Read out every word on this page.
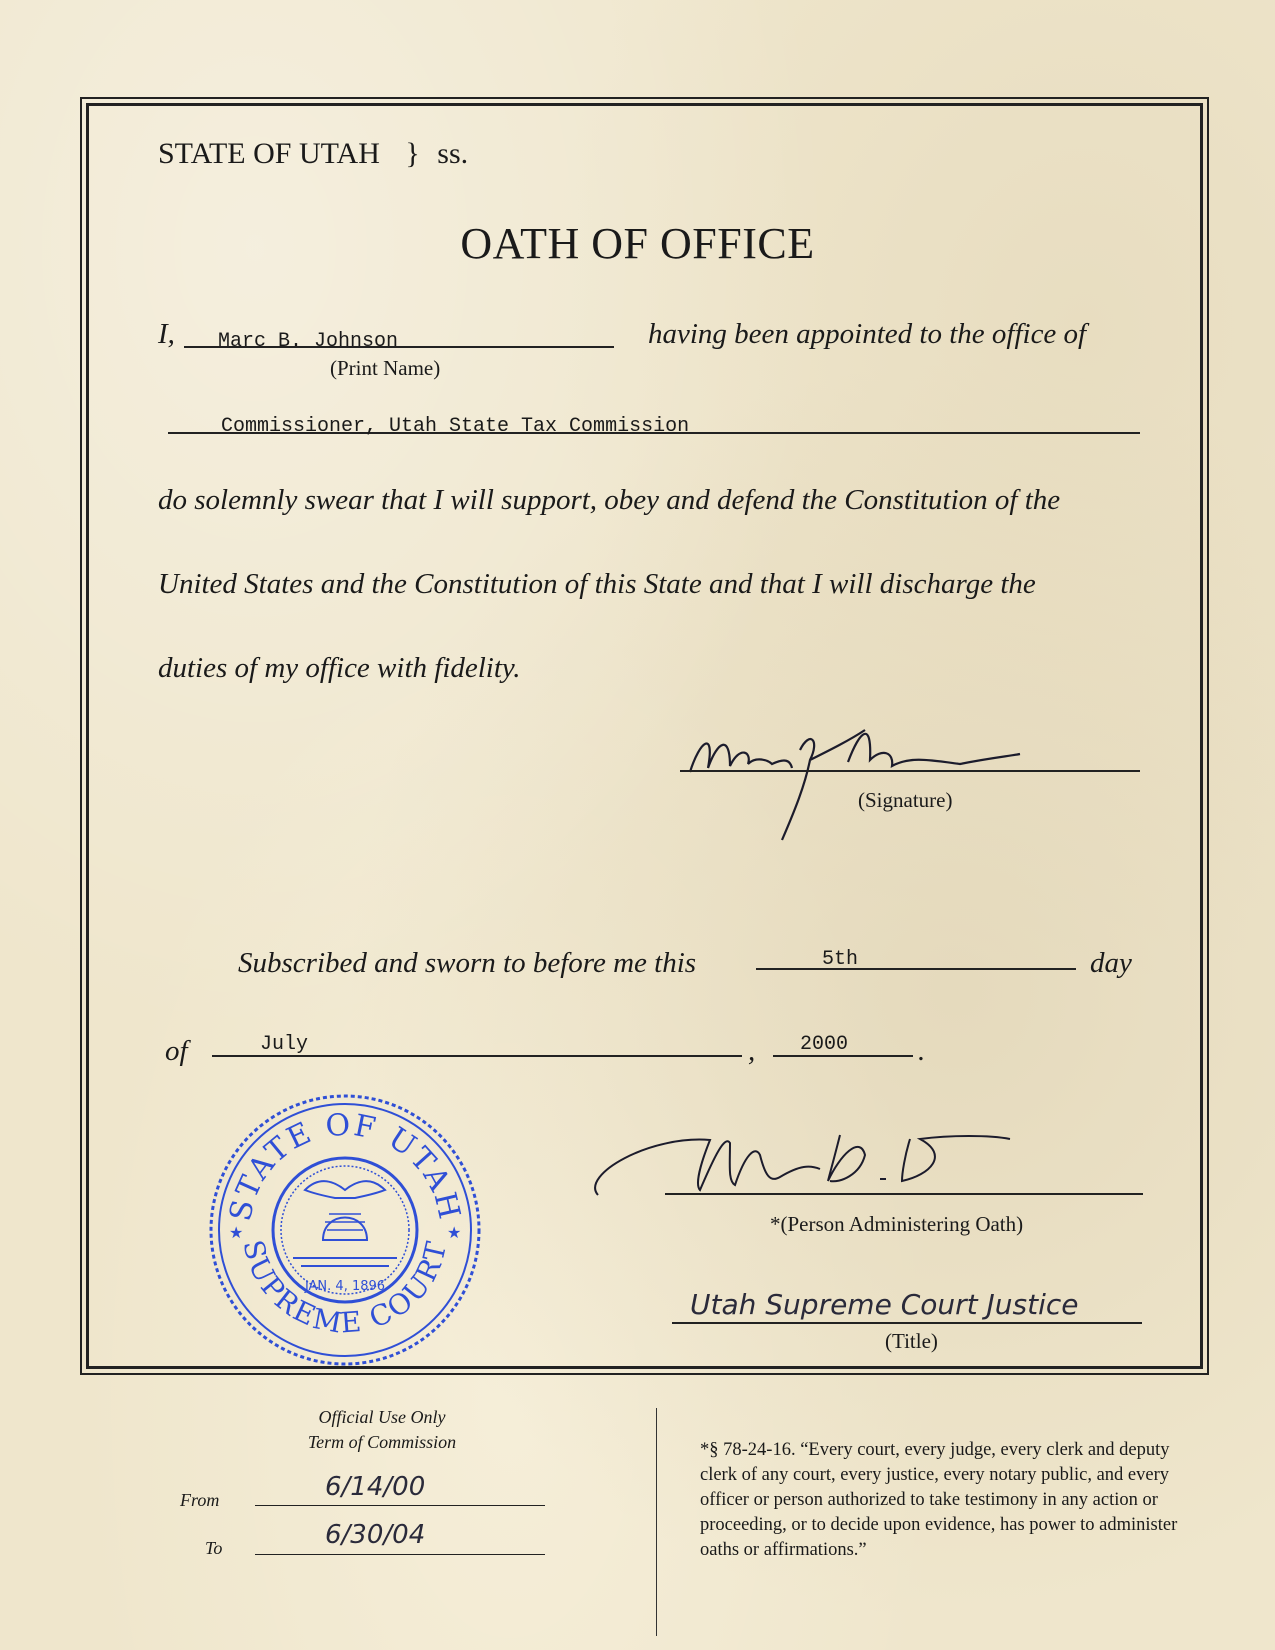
STATE OF UTAH } ss.
OATH OF OFFICE
I, Marc B. Johnson
(Print Name)
having been appointed to the office of
Commissioner, Utah State Tax Commission
do solemnly swear that I will support, obey and defend the Constitution of the
United States and the Constitution of this State and that I will discharge the
duties of my office with fidelity.
(Signature)
Subscribed and sworn to before me this	5th	day
of	July	, 2000 .
STATE OF UTAH
SUPREME COURT
★	★
JAN. 4, 1896
*(Person Administering Oath)
Utah Supreme Court Justice
(Title)
Official Use Only
Term of Commission
From	6/14/00
To	6/30/04
*§ 78-24-16. “Every court, every judge, every clerk and deputy clerk of any court, every justice, every notary public, and every officer or person authorized to take testimony in any action or proceeding, or to decide upon evidence, has power to administer oaths or affirmations.”
